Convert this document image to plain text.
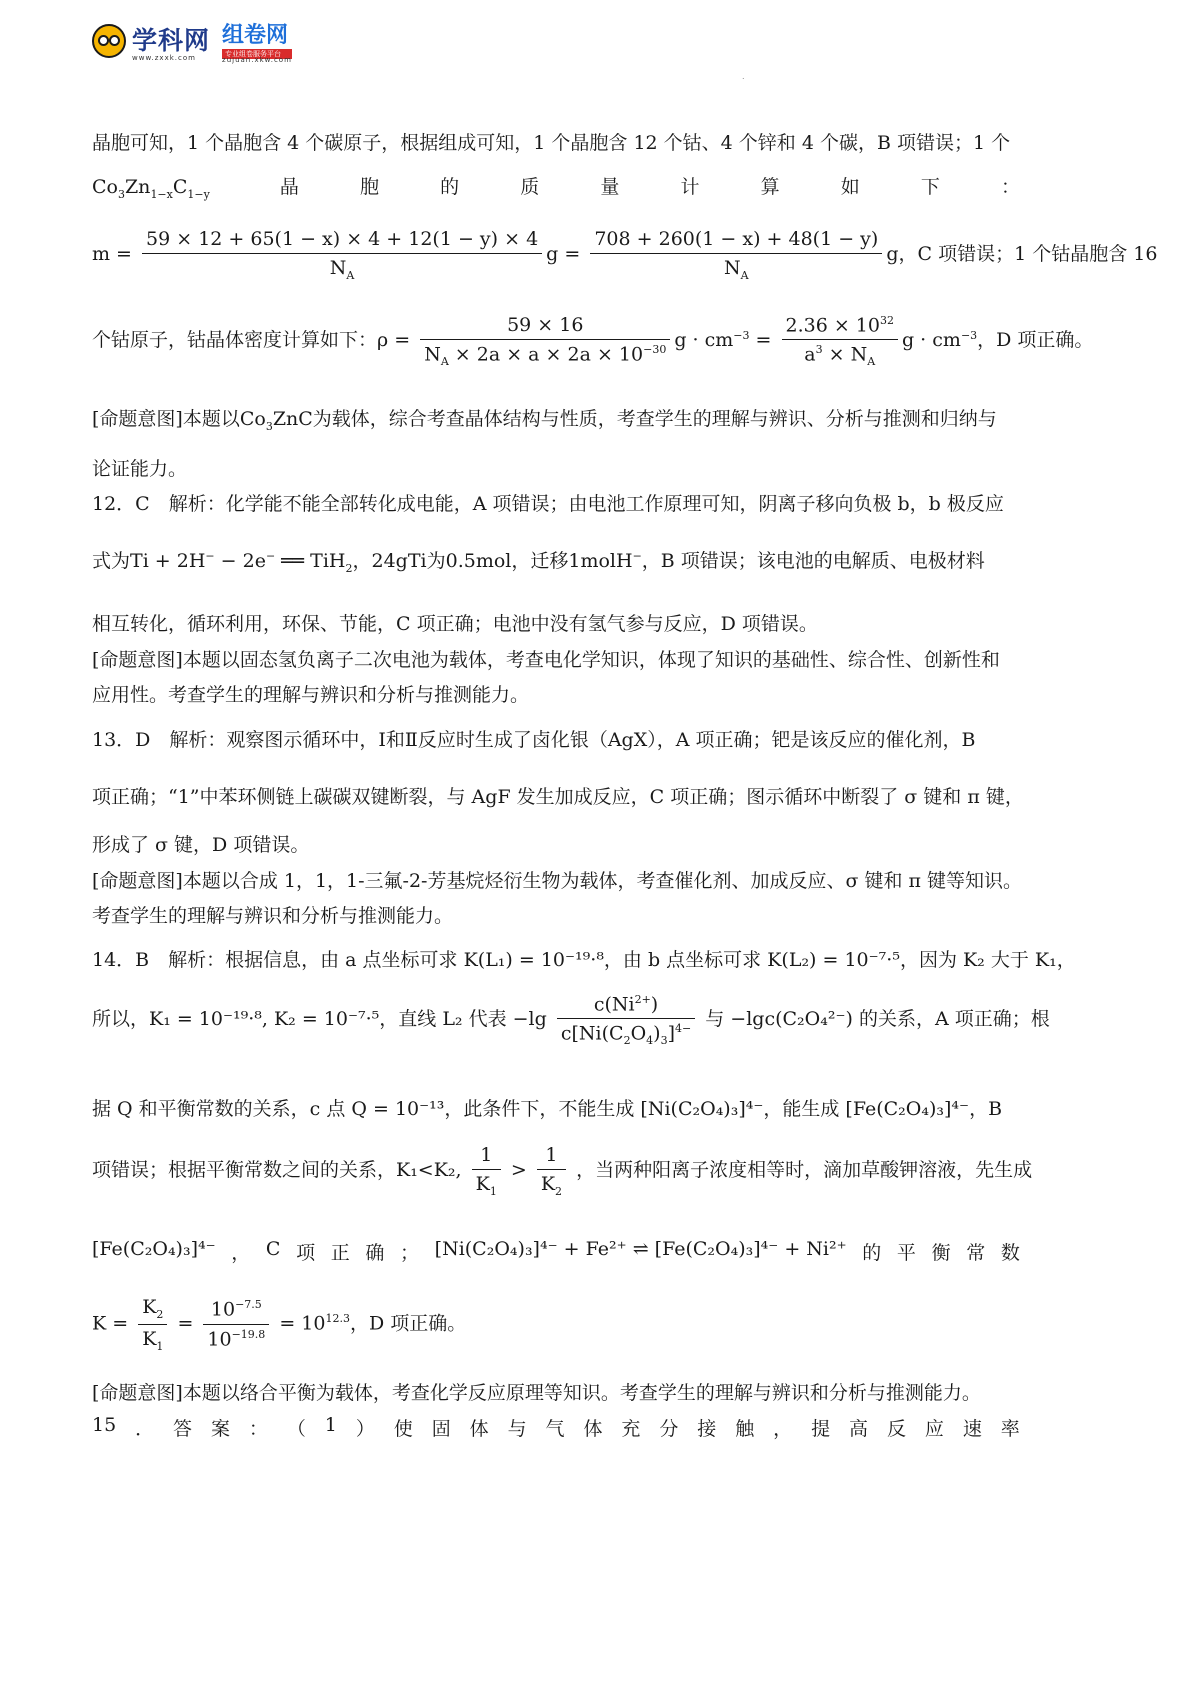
学科网
www.zxxk.com
组卷网
专业组卷服务平台
zujuan.xkw.com
.
晶胞可知，1 个晶胞含 4 个碳原子，根据组成可知，1 个晶胞含 12 个钴、4 个锌和 4 个碳，B 项错误；1 个
$Co_3Zn_{1-x}C_{1-y}$	晶	胞	的	质	量	计	算	如	下	：
$m = \frac{59 \times 12 + 65(1 - x) \times 4 + 12(1 - y) \times 4}{N_A}$ $g = \frac{708 + 260(1 - x) + 48(1 - y)}{N_A}$ g，C 项错误；1 个钴晶胞含 16
个钴原子，钴晶体密度计算如下：$\rho = \frac{59 \times 16}{N_A \times 2a \times a \times 2a \times 10^{-30}}$ $g \cdot cm^{-3} = \frac{2.36 \times 10^{32}}{a^3 \times N_A}$ $g \cdot cm^{-3}$，D 项正确。
[命题意图]本题以$Co_3ZnC$为载体，综合考查晶体结构与性质，考查学生的理解与辨识、分析与推测和归纳与
论证能力。
12．C　解析：化学能不能全部转化成电能，A 项错误；由电池工作原理可知，阴离子移向负极 b，b 极反应
式为Ti + 2H− − 2e− ══ TiH$_2$，24gTi为0.5mol，迁移1molH−，B 项错误；该电池的电解质、电极材料
相互转化，循环利用，环保、节能，C 项正确；电池中没有氢气参与反应，D 项错误。
[命题意图]本题以固态氢负离子二次电池为载体，考查电化学知识，体现了知识的基础性、综合性、创新性和
应用性。考查学生的理解与辨识和分析与推测能力。
13．D　解析：观察图示循环中，Ⅰ和Ⅱ反应时生成了卤化银（AgX），A 项正确；钯是该反应的催化剂，B
项正确；“1”中苯环侧链上碳碳双键断裂，与 AgF 发生加成反应，C 项正确；图示循环中断裂了 σ 键和 π 键，
形成了 σ 键，D 项错误。
[命题意图]本题以合成 1，1，1-三氟-2-芳基烷烃衍生物为载体，考查催化剂、加成反应、σ 键和 π 键等知识。
考查学生的理解与辨识和分析与推测能力。
14．B　解析：根据信息，由 a 点坐标可求 K(L₁) = 10⁻¹⁹·⁸，由 b 点坐标可求 K(L₂) = 10⁻⁷·⁵，因为 K₂ 大于 K₁，
所以，K₁ = 10⁻¹⁹·⁸, K₂ = 10⁻⁷·⁵，直线 L₂ 代表 $-\lg \frac{c(Ni^{2+})}{c[Ni(C_2O_4)_3]^{4-}}$ 与 −lgc(C₂O₄²⁻) 的关系，A 项正确；根
据 Q 和平衡常数的关系，c 点 Q = 10⁻¹³，此条件下，不能生成 [Ni(C₂O₄)₃]⁴⁻，能生成 [Fe(C₂O₄)₃]⁴⁻，B
项错误；根据平衡常数之间的关系，K₁<K₂, $\frac{1}{K_1} > \frac{1}{K_2}$ ，当两种阳离子浓度相等时，滴加草酸钾溶液，先生成
[Fe(C₂O₄)₃]⁴⁻ ， C 项 正 确 ； [Ni(C₂O₄)₃]⁴⁻ + Fe²⁺ ⇌ [Fe(C₂O₄)₃]⁴⁻ + Ni²⁺ 的 平 衡 常 数
$K = \frac{K_2}{K_1} = \frac{10^{-7.5}}{10^{-19.8}} = 10^{12.3}$，D 项正确。
[命题意图]本题以络合平衡为载体，考查化学反应原理等知识。考查学生的理解与辨识和分析与推测能力。
15 ． 答 案 ： （ 1 ） 使 固 体 与 气 体 充 分 接 触 ， 提 高 反 应 速 率
